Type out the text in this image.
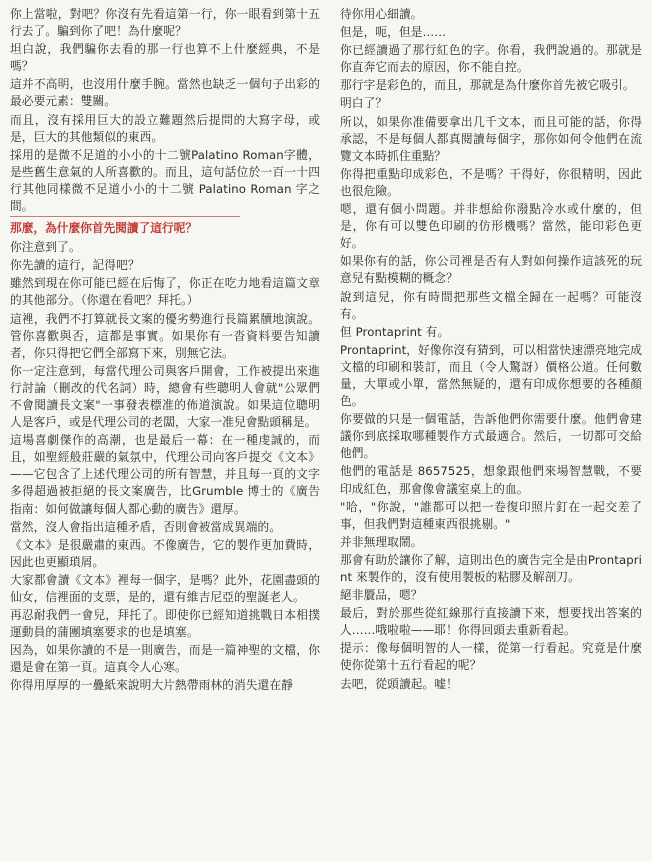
你上當啦，對吧？你沒有先看這第一行，你一眼看到第十五行去了。騙到你了吧！為什麼呢？

坦白說，我們騙你去看的那一行也算不上什麼經典，不是嗎？

這并不高明，也沒用什麼手腕。當然也缺乏一個句子出彩的最必要元素：雙關。

而且，沒有採用巨大的設立難題然后提問的大寫字母，或是，巨大的其他類似的東西。

採用的是微不足道的小小的十二號Palatino Roman字體，是些舊生意氣的人所喜歡的。而且，這句話位於一百一十四行其他同樣微不足道小小的十二號 Palatino Roman 字之間。

那麼，為什麼你首先閱讀了這行呢？

你注意到了。

你先讀的這行，記得吧？

雖然到現在你可能已經在后悔了，你正在吃力地看這篇文章的其他部分。（你還在看吧？拜托。）

這裡，我們不打算就長文案的優劣勢進行長篇累牘地演說。管你喜歡與否，這都是事實。如果你有一沓資料要告知讀者，你只得把它們全部寫下來，別無它法。

你一定注意到，每當代理公司與客戶開會，工作被提出來進行討論（刪改的代名詞）時，總會有些聰明人會就"公眾們不會閱讀長文案"一事發表標准的佈道演說。如果這位聰明人是客戶，或是代理公司的老闆，大家一准兒會點頭稱是。

這場喜劇傑作的高潮，也是最后一幕：在一種虔誠的，而且，如聖經般莊嚴的氣氛中，代理公司向客戶提交《文本》——它包含了上述代理公司的所有智慧，并且每一頁的文字多得超過被拒絕的長文案廣告，比Grumble 博士的《廣告指南：如何做讓每個人都心動的廣告》還厚。

當然，沒人會指出這種矛盾，否則會被當成異端的。

《文本》是很嚴肅的東西。不像廣告，它的製作更加費時，因此也更顯瑣屑。

大家都會讀《文本》裡每一個字，是嗎？此外，花園盡頭的仙女，信裡面的支票，是的，還有維吉尼亞的聖誕老人。

再忍耐我們一會兒，拜托了。即使你已經知道挑戰日本相撲運動員的蒲團填塞要求的也是填塞。

因為，如果你讀的不是一則廣告，而是一篇神聖的文檔，你還是會在第一頁。這真令人心寒。

你得用厚厚的一疊紙來說明大片熱帶雨林的消失還在靜

待你用心細讀。

但是，呃，但是……

你已經讀過了那行紅色的字。你看，我們說過的。那就是你直奔它而去的原因，你不能自控。

那行字是彩色的，而且，那就是為什麼你首先被它吸引。

明白了？

所以，如果你准備要拿出几千文本，而且可能的話，你得承認，不是每個人都真閱讀每個字，那你如何令他們在流覽文本時抓住重點？

你得把重點印成彩色，不是嗎？干得好，你很精明，因此也很危險。

嗯，還有個小問題。并非想給你潑點冷水或什麼的，但是，你有可以雙色印刷的仿形機嗎？當然，能印彩色更好。

如果你有的話，你公司裡是否有人對如何操作這該死的玩意兒有點模糊的概念？

說到這兒，你有時間把那些文檔全歸在一起嗎？可能沒有。

但 Prontaprint 有。

Prontaprint，好像你沒有猜到，可以相當快速漂亮地完成文檔的印刷和裝訂，而且（令人驚訝）價格公道。任何數量，大單或小單，當然無疑的，還有印成你想要的各種顏色。

你要做的只是一個電話，告訴他們你需要什麼。他們會建議你到底採取哪種製作方式最適合。然后，一切都可交給他們。

他們的電話是 8657525，想象跟他們來場智慧戰，不要印成紅色，那會像會議室桌上的血。

"哈，"你說，"誰都可以把一卷復印照片釘在一起交差了事，但我們對這種東西很挑剔。"

并非無理取鬧。

那會有助於讓你了解，這則出色的廣告完全是由Prontaprint 來製作的，沒有使用製板的粘膠及解剖刀。

絕非贗品，嗯？

最后，對於那些從紅線那行直接讀下來，想要找出答案的人……哦啦啦——耶！你得回頭去重新看起。

提示：像每個明智的人一樣，從第一行看起。究竟是什麼使你從第十五行看起的呢？

去吧，從頭讀起。嘘！
